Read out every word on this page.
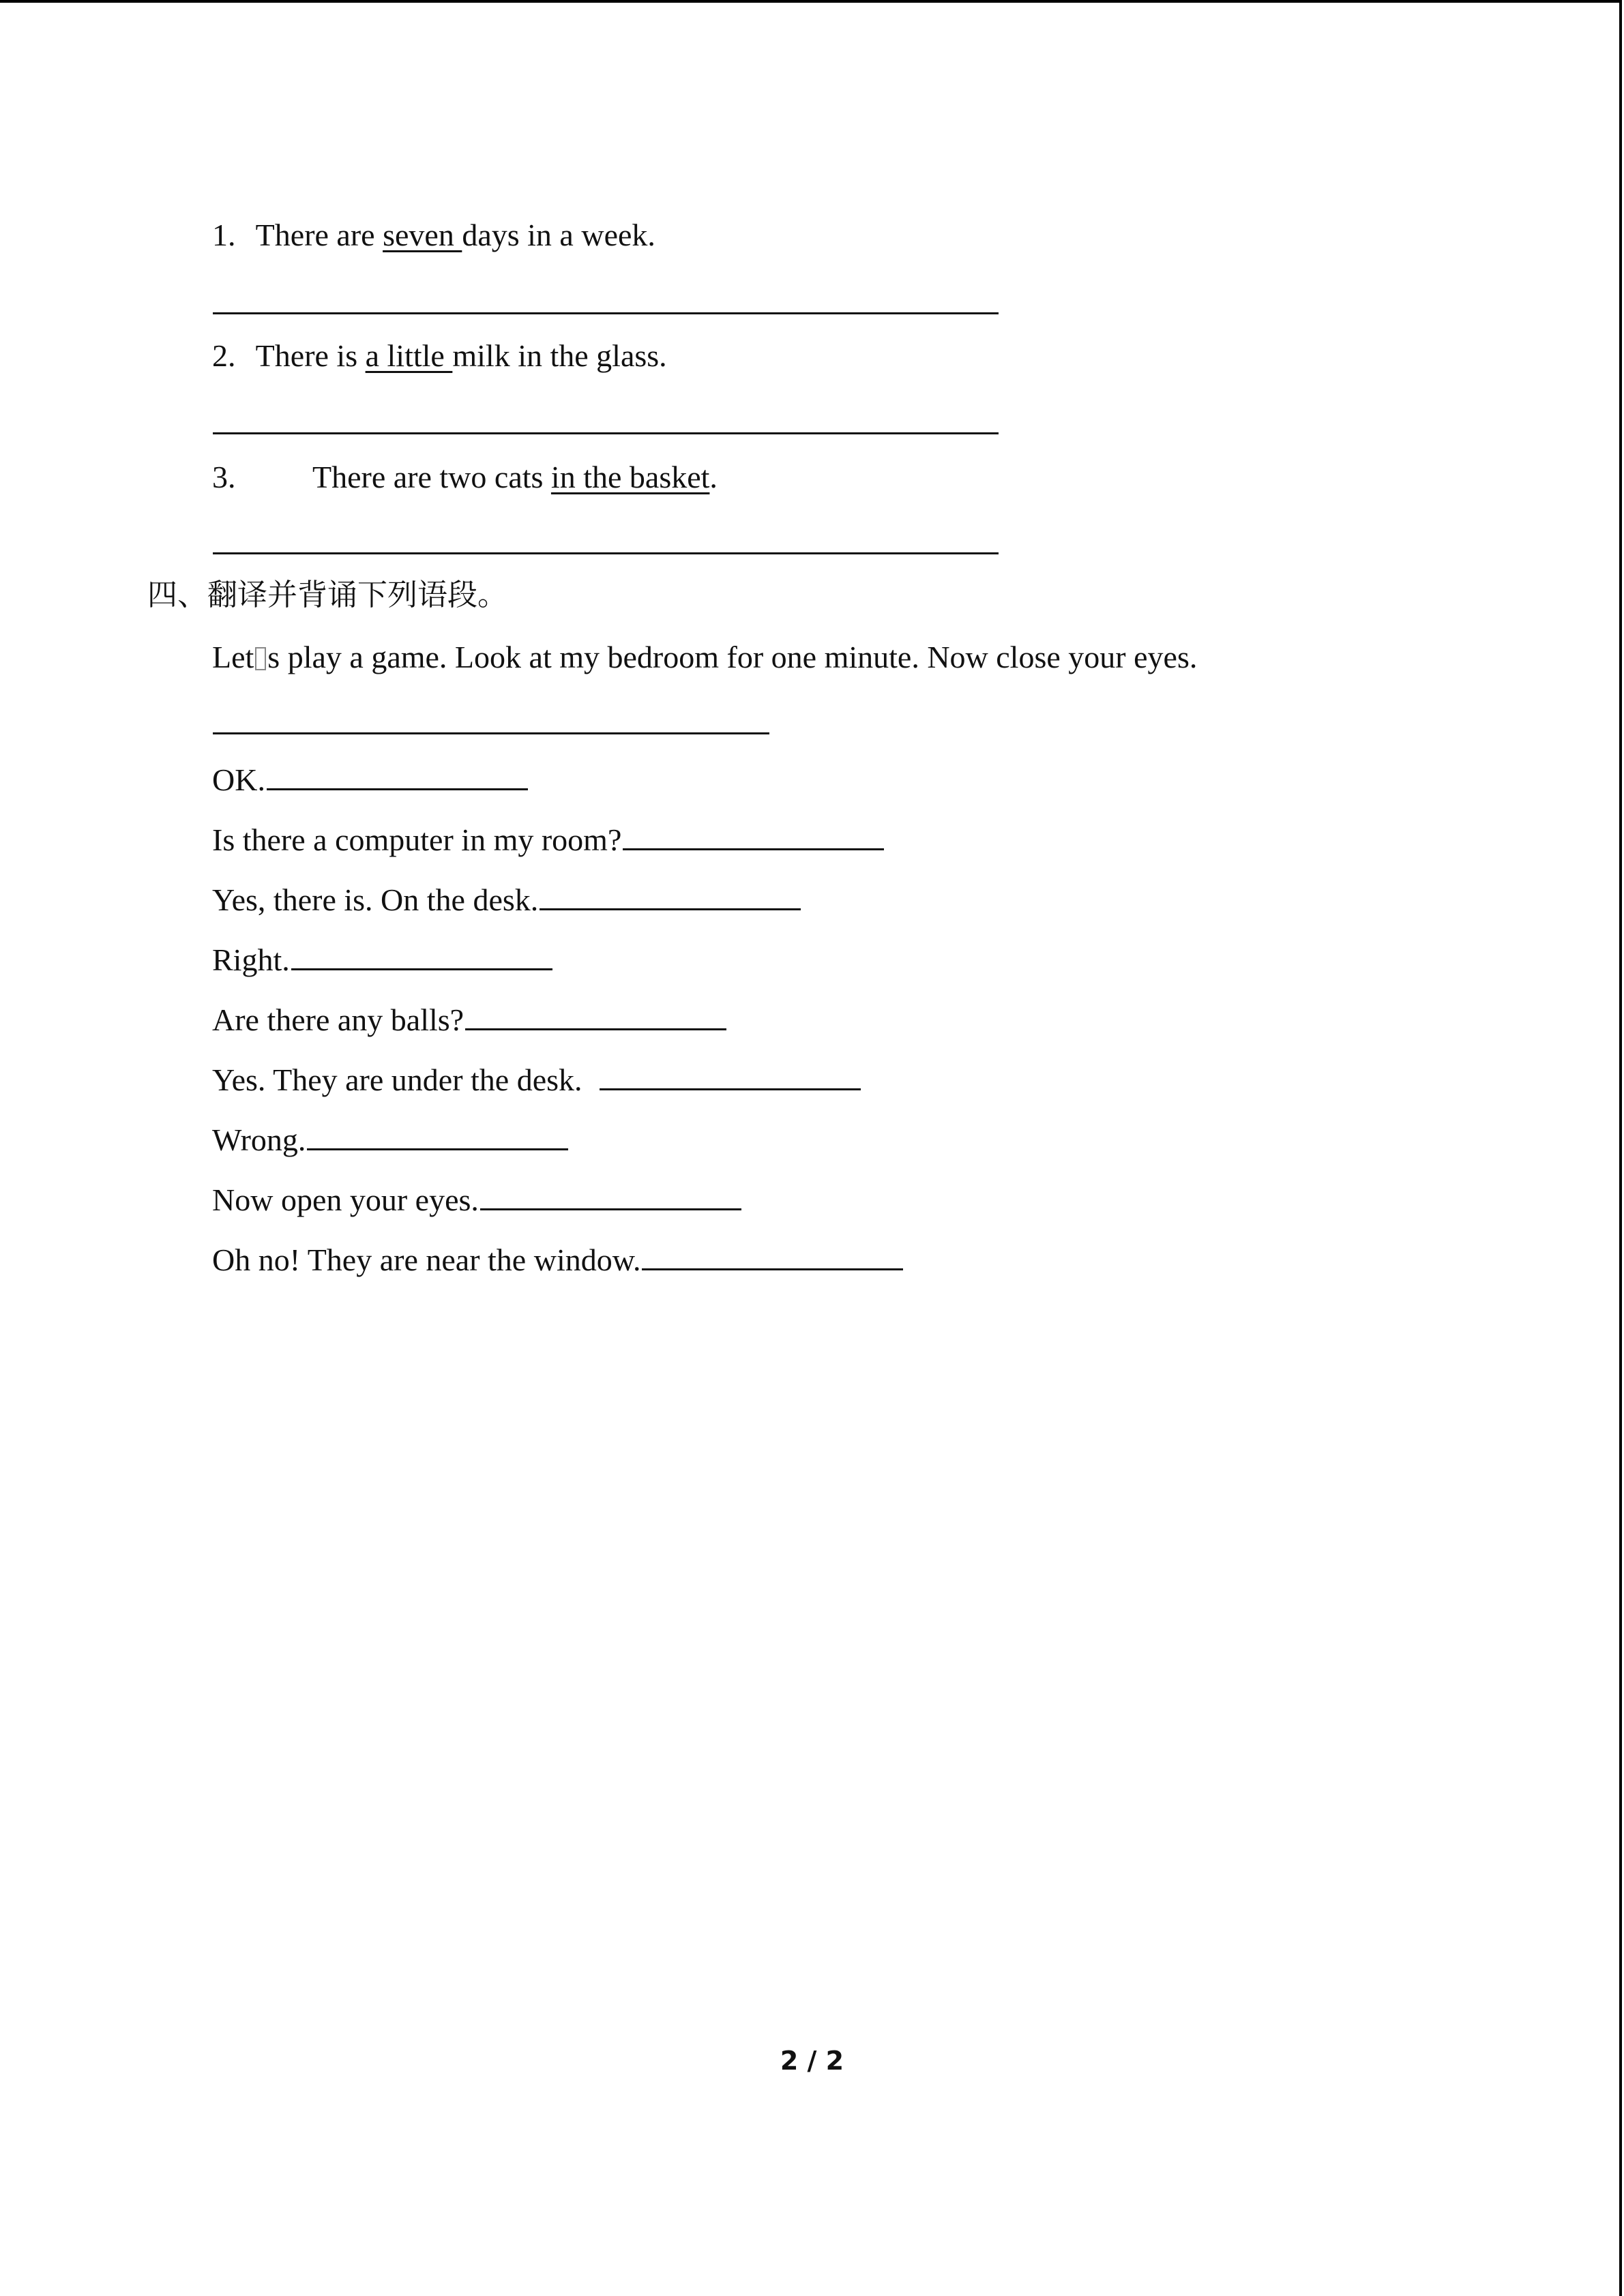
1. There are seven days in a week.
2. There is a little milk in the glass.
3. There are two cats in the basket.
四、翻译并背诵下列语段。
Let s play a game. Look at my bedroom for one minute. Now close your eyes.
OK.
Is there a computer in my room?
Yes, there is. On the desk.
Right.
Are there any balls?
Yes. They are under the desk.
Wrong.
Now open your eyes.
Oh no! They are near the window.
2 / 2
